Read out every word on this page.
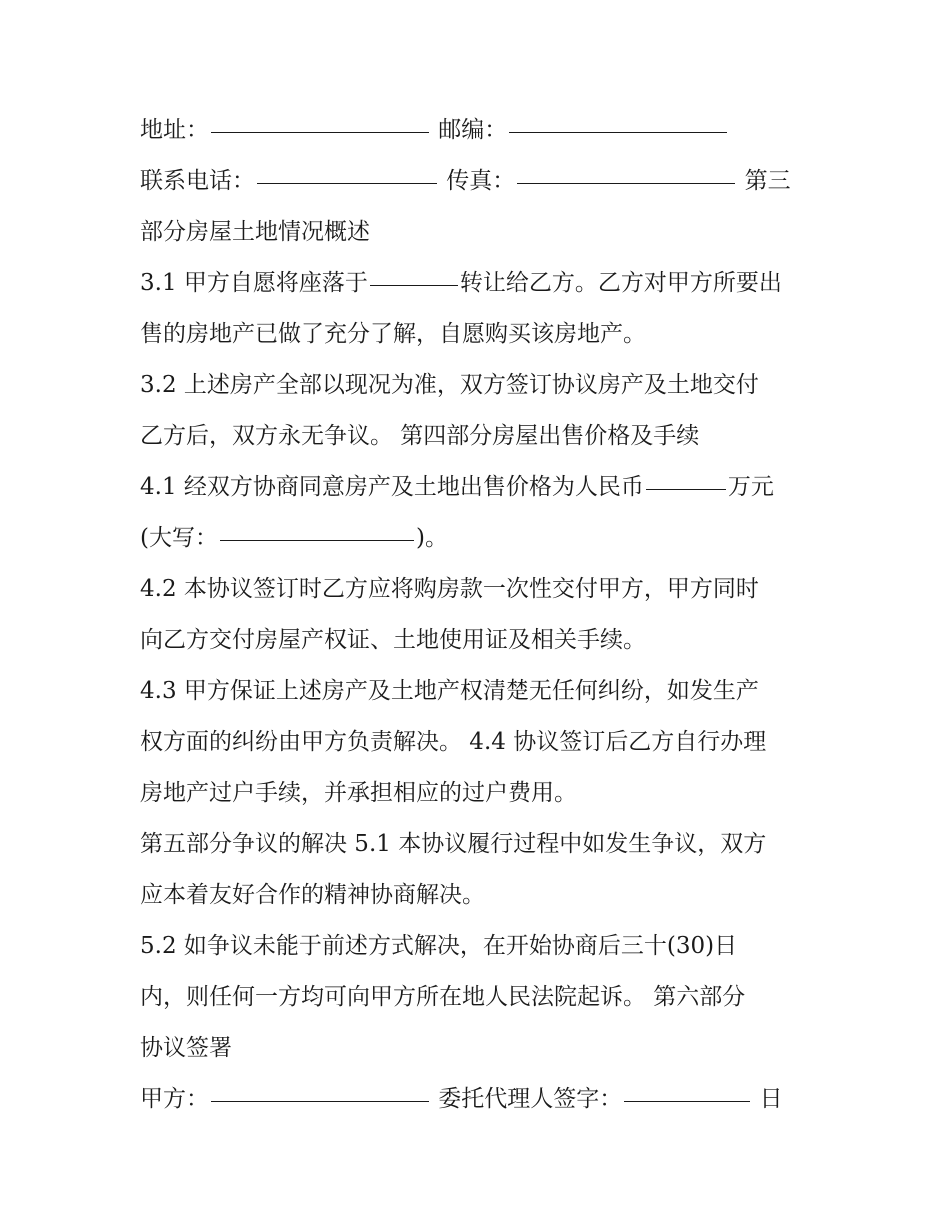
地址：	邮编：
联系电话：	传真：	第三
部分房屋土地情况概述
3.1 甲方自愿将座落于	转让给乙方。乙方对甲方所要出
售的房地产已做了充分了解，自愿购买该房地产。
3.2 上述房产全部以现况为准，双方签订协议房产及土地交付
乙方后，双方永无争议。 第四部分房屋出售价格及手续
4.1 经双方协商同意房产及土地出售价格为人民币	万元
(大写：	)。
4.2 本协议签订时乙方应将购房款一次性交付甲方，甲方同时
向乙方交付房屋产权证、土地使用证及相关手续。
4.3 甲方保证上述房产及土地产权清楚无任何纠纷，如发生产
权方面的纠纷由甲方负责解决。 4.4 协议签订后乙方自行办理
房地产过户手续，并承担相应的过户费用。
第五部分争议的解决 5.1 本协议履行过程中如发生争议，双方
应本着友好合作的精神协商解决。
5.2 如争议未能于前述方式解决，在开始协商后三十(30)日
内，则任何一方均可向甲方所在地人民法院起诉。 第六部分
协议签署
甲方：	委托代理人签字：	日
